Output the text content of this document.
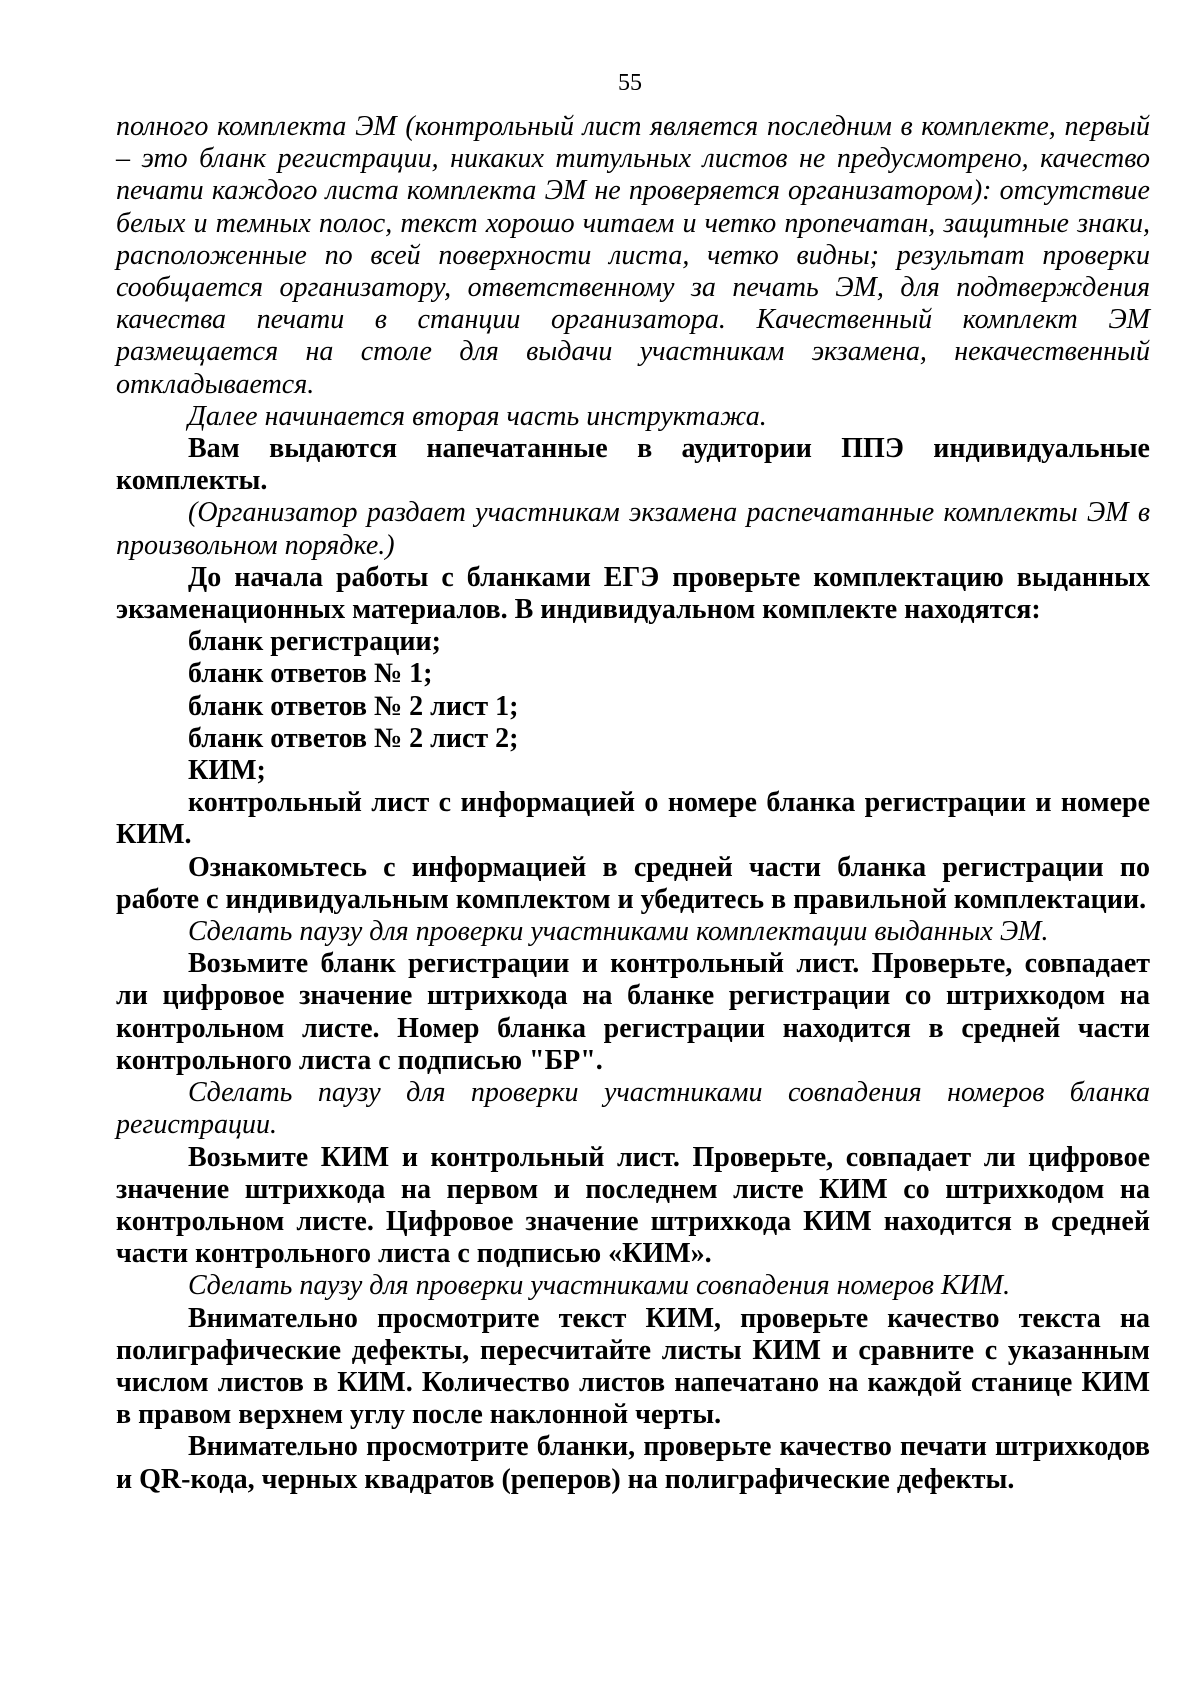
55

полного комплекта ЭМ (контрольный лист является последним в комплекте, первый – это бланк регистрации, никаких титульных листов не предусмотрено, качество печати каждого листа комплекта ЭМ не проверяется организатором): отсутствие белых и темных полос, текст хорошо читаем и четко пропечатан, защитные знаки, расположенные по всей поверхности листа, четко видны; результат проверки сообщается организатору, ответственному за печать ЭМ, для подтверждения качества печати в станции организатора. Качественный комплект ЭМ размещается на столе для выдачи участникам экзамена, некачественный откладывается.

Далее начинается вторая часть инструктажа.

Вам выдаются напечатанные в аудитории ППЭ индивидуальные комплекты.

(Организатор раздает участникам экзамена распечатанные комплекты ЭМ в произвольном порядке.)

До начала работы с бланками ЕГЭ проверьте комплектацию выданных экзаменационных материалов. В индивидуальном комплекте находятся:

бланк регистрации;

бланк ответов № 1;

бланк ответов № 2 лист 1;

бланк ответов № 2 лист 2;

КИМ;

контрольный лист с информацией о номере бланка регистрации и номере КИМ.

Ознакомьтесь с информацией в средней части бланка регистрации по работе с индивидуальным комплектом и убедитесь в правильной комплектации.

Сделать паузу для проверки участниками комплектации выданных ЭМ.

Возьмите бланк регистрации и контрольный лист. Проверьте, совпадает ли цифровое значение штрихкода на бланке регистрации со штрихкодом на контрольном листе. Номер бланка регистрации находится в средней части контрольного листа с подписью "БР".

Сделать паузу для проверки участниками совпадения номеров бланка регистрации.

Возьмите КИМ и контрольный лист. Проверьте, совпадает ли цифровое значение штрихкода на первом и последнем листе КИМ со штрихкодом на контрольном листе. Цифровое значение штрихкода КИМ находится в средней части контрольного листа с подписью «КИМ».

Сделать паузу для проверки участниками совпадения номеров КИМ.

Внимательно просмотрите текст КИМ, проверьте качество текста на полиграфические дефекты, пересчитайте листы КИМ и сравните с указанным числом листов в КИМ. Количество листов напечатано на каждой станице КИМ в правом верхнем углу после наклонной черты.

Внимательно просмотрите бланки, проверьте качество печати штрихкодов и QR-кода, черных квадратов (реперов) на полиграфические дефекты.
